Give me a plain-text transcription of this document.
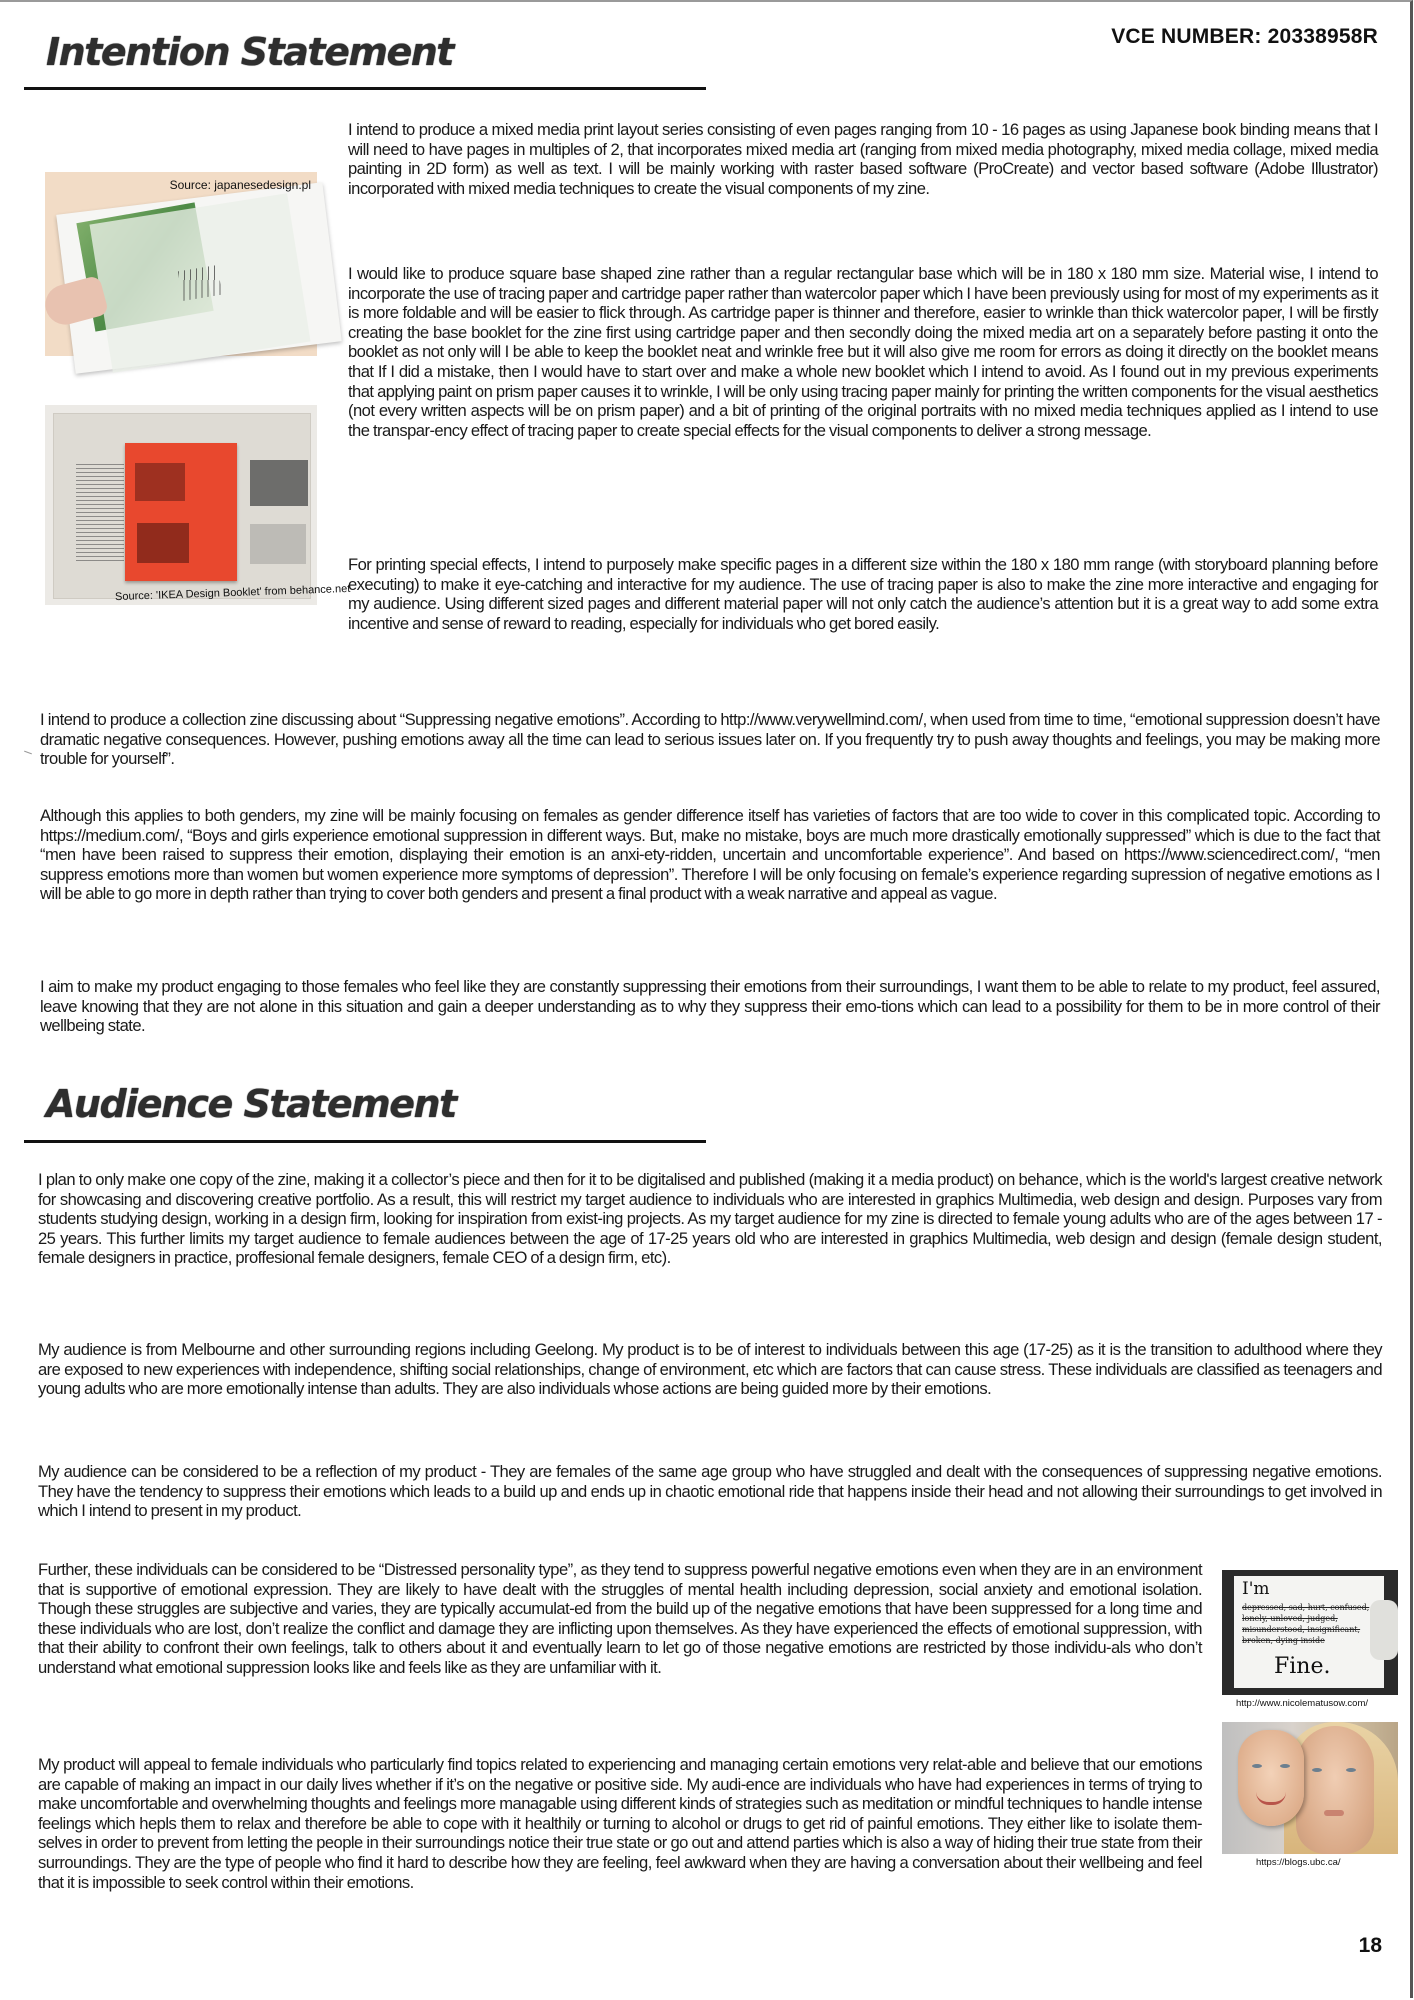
VCE NUMBER: 20338958R
Intention Statement
Source: japanesedesign.pl
Source: 'IKEA Design Booklet' from behance.net

I intend to produce a mixed media print layout series consisting of even pages ranging from 10 - 16 pages as using Japanese book binding means that I will need to have pages in multiples of 2, that incorporates mixed media art (ranging from mixed media photography, mixed media collage, mixed media painting in 2D form) as well as text. I will be mainly working with raster based software (ProCreate) and vector based software (Adobe Illustrator) incorporated with mixed media techniques to create the visual components of my zine.

I would like to produce square base shaped zine rather than a regular rectangular base which will be in 180 x 180 mm size. Material wise, I intend to incorporate the use of tracing paper and cartridge paper rather than watercolor paper which I have been previously using for most of my experiments as it is more foldable and will be easier to flick through. As cartridge paper is thinner and therefore, easier to wrinkle than thick watercolor paper, I will be firstly creating the base booklet for the zine first using cartridge paper and then secondly doing the mixed media art on a separately before pasting it onto the booklet as not only will I be able to keep the booklet neat and wrinkle free but it will also give me room for errors as doing it directly on the booklet means that If I did a mistake, then I would have to start over and make a whole new booklet which I intend to avoid. As I found out in my previous experiments that applying paint on prism paper causes it to wrinkle, I will be only using tracing paper mainly for printing the written components for the visual aesthetics (not every written aspects will be on prism paper) and a bit of printing of the original portraits with no mixed media techniques applied as I intend to use the transpar-ency effect of tracing paper to create special effects for the visual components to deliver a strong message.

For printing special effects, I intend to purposely make specific pages in a different size within the 180 x 180 mm range (with storyboard planning before executing) to make it eye-catching and interactive for my audience. The use of tracing paper is also to make the zine more interactive and engaging for my audience. Using different sized pages and different material paper will not only catch the audience’s attention but it is a great way to add some extra incentive and sense of reward to reading, especially for individuals who get bored easily.

I intend to produce a collection zine discussing about “Suppressing negative emotions”. According to http://www.verywellmind.com/, when used from time to time, “emotional suppression doesn’t have dramatic negative consequences. However, pushing emotions away all the time can lead to serious issues later on. If you frequently try to push away thoughts and feelings, you may be making more trouble for yourself”.

Although this applies to both genders, my zine will be mainly focusing on females as gender difference itself has varieties of factors that are too wide to cover in this complicated topic. According to https://medium.com/, “Boys and girls experience emotional suppression in different ways. But, make no mistake, boys are much more drastically emotionally suppressed” which is due to the fact that “men have been raised to suppress their emotion, displaying their emotion is an anxi-ety-ridden, uncertain and uncomfortable experience”. And based on https://www.sciencedirect.com/, “men suppress emotions more than women but women experience more symptoms of depression”. Therefore I will be only focusing on female’s experience regarding supression of negative emotions as I will be able to go more in depth rather than trying to cover both genders and present a final product with a weak narrative and appeal as vague.

I aim to make my product engaging to those females who feel like they are constantly suppressing their emotions from their surroundings, I want them to be able to relate to my product, feel assured, leave knowing that they are not alone in this situation and gain a deeper understanding as to why they suppress their emo-tions which can lead to a possibility for them to be in more control of their wellbeing state.

Audience Statement

I plan to only make one copy of the zine, making it a collector’s piece and then for it to be digitalised and published (making it a media product) on behance, which is the world's largest creative network for showcasing and discovering creative portfolio. As a result, this will restrict my target audience to individuals who are interested in graphics Multimedia, web design and design. Purposes vary from students studying design, working in a design firm, looking for inspiration from exist-ing projects. As my target audience for my zine is directed to female young adults who are of the ages between 17 - 25 years. This further limits my target audience to female audiences between the age of 17-25 years old who are interested in graphics Multimedia, web design and design (female design student, female designers in practice, proffesional female designers, female CEO of a design firm, etc).

My audience is from Melbourne and other surrounding regions including Geelong. My product is to be of interest to individuals between this age (17-25) as it is the transition to adulthood where they are exposed to new experiences with independence, shifting social relationships, change of environment, etc which are factors that can cause stress. These individuals are classified as teenagers and young adults who are more emotionally intense than adults. They are also individuals whose actions are being guided more by their emotions.

My audience can be considered to be a reflection of my product - They are females of the same age group who have struggled and dealt with the consequences of suppressing negative emotions. They have the tendency to suppress their emotions which leads to a build up and ends up in chaotic emotional ride that happens inside their head and not allowing their surroundings to get involved in which I intend to present in my product.

Further, these individuals can be considered to be “Distressed personality type”, as they tend to suppress powerful negative emotions even when they are in an environment that is supportive of emotional expression. They are likely to have dealt with the struggles of mental health including depression, social anxiety and emotional isolation. Though these struggles are subjective and varies, they are typically accumulat-ed from the build up of the negative emotions that have been suppressed for a long time and these individuals who are lost, don’t realize the conflict and damage they are inflicting upon themselves. As they have experienced the effects of emotional suppression, with that their ability to confront their own feelings, talk to others about it and eventually learn to let go of those negative emotions are restricted by those individu-als who don’t understand what emotional suppression looks like and feels like as they are unfamiliar with it.

My product will appeal to female individuals who particularly find topics related to experiencing and managing certain emotions very relat-able and believe that our emotions are capable of making an impact in our daily lives whether if it’s on the negative or positive side. My audi-ence are individuals who have had experiences in terms of trying to make uncomfortable and overwhelming thoughts and feelings more managable using different kinds of strategies such as meditation or mindful techniques to handle intense feelings which hepls them to relax and therefore be able to cope with it healthily or turning to alcohol or drugs to get rid of painful emotions. They either like to isolate them-selves in order to prevent from letting the people in their surroundings notice their true state or go out and attend parties which is also a way of hiding their true state from their surroundings. They are the type of people who find it hard to describe how they are feeling, feel awkward when they are having a conversation about their wellbeing and feel that it is impossible to seek control within their emotions.

I'm
depressed, sad, hurt, confused, lonely, unloved, judged, misunderstood, insignificant, broken, dying inside
Fine.
http://www.nicolematusow.com/
https://blogs.ubc.ca/
18
